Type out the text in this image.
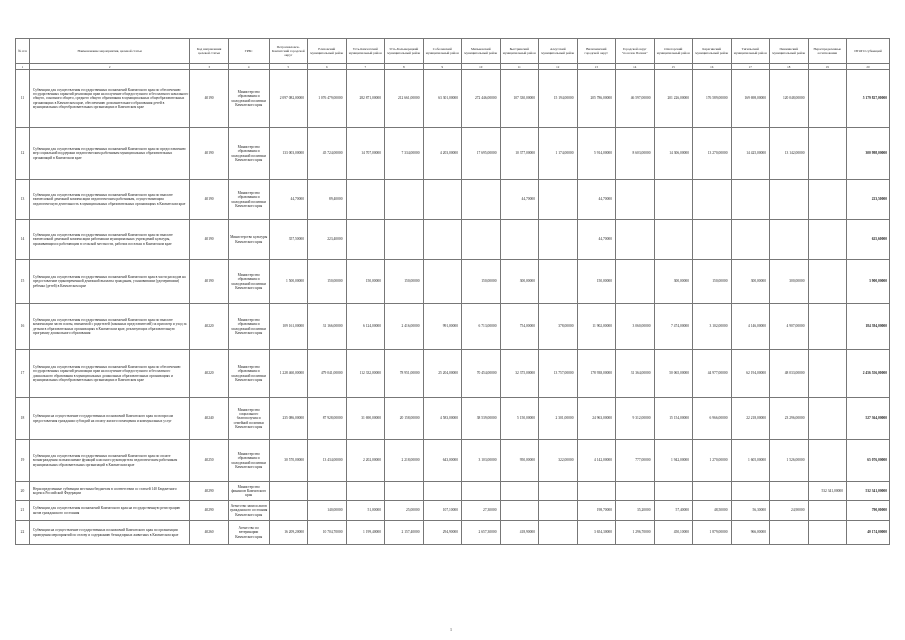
№ п/п	Наименование мероприятия, целевой статьи	Код направления целевой статьи	ГРБС	Петропавловск-Камчатский городской округ	Елизовский муниципальный район	Усть-Камчатский муниципальный район	Усть-Большерецкий муниципальный район	Соболевский муниципальный район	Мильковский муниципальный район	Быстринский муниципальный район	Алеутский муниципальный район	Вилючинский городской округ	Городской округ "поселок Палана"	Олюторский муниципальный район	Карагинский муниципальный район	Тигильский муниципальный район	Пенжинский муниципальный район	Нераспределенные ассигнования	ИТОГО субвенций
1	2	3	4	5	6	7	8	9	10	11	12	13	14	15	16	17	18	19	20
11	Субвенции для осуществления государственных полномочий Камчатского края по обеспечению государственных гарантий реализации прав на получение общедоступного и бесплатного начального общего, основного общего, среднего общего образования в муниципальных общеобразовательных организациях в Камчатском крае, обеспечению дополнительного образования детей в муниципальных общеобразовательных организациях в Камчатском крае	40190	Министерство образования и молодежной политики Камчатского края	2 097 082,00000	1 076 479,00000	282 871,00000	212 661,00000	63 301,00000	272 446,00000	107 330,00000	15 194,00000	205 786,00000	46 597,00000	201 226,00000	176 589,00000	169 698,00000	120 048,00000		5 179 827,00000
12	Субвенции для осуществления государственных полномочий Камчатского края по предоставлению мер социальной поддержки педагогическим работникам муниципальных образовательных организаций в Камчатском крае	40190	Министерство образования и молодежной политики Камчатского края	133 003,00000	45 724,00000	14 707,00000	7 334,00000	4 203,00000	17 695,00000	10 377,00000	1 174,00000	5 914,00000	8 603,00000	14 306,00000	13 270,00000	14 425,00000	13 142,00000		300 998,00000
13	Субвенции для осуществления государственных полномочий Камчатского края по выплате ежемесячной денежной компенсации педагогическим работникам, осуществляющим педагогическую деятельность в муниципальных образовательных организациях в Камчатском крае	40190	Министерство образования и молодежной политики Камчатского края	44,70000	89,40000					44,70000		44,70000							223,50000
14	Субвенции для осуществления государственных полномочий Камчатского края по выплате ежемесячной денежной компенсации работникам муниципальных учреждений культуры, проживающим и работающим в сельской местности, рабочих поселках в Камчатском крае	40190	Министерство культуры Камчатского края	357,50000	223,40000							44,70000							625,60000
15	Субвенции для осуществления государственных полномочий Камчатского края в части расходов на предоставление единовременной денежной выплаты гражданам, усыновившим (удочерившим) ребенка (детей) в Камчатском крае	40190	Министерство образования и молодежной политики Камчатского края	1 500,00000	150,00000	150,00000	150,00000		150,00000	300,00000		150,00000		300,00000	150,00000	300,00000	300,00000		3 900,00000
16	Субвенции для осуществления государственных полномочий Камчатского края по выплате компенсации части платы, взимаемой с родителей (законных представителей) за присмотр и уход за детьми в образовательных организациях в Камчатском крае, реализующих образовательную программу дошкольного образования	40220	Министерство образования и молодежной политики Камчатского края	109 161,00000	31 166,00000	6 124,00000	2 416,00000	991,00000	6 713,00000	754,00000	378,00000	11 902,00000	3 060,00000	7 474,00000	3 102,00000	4 146,00000	4 907,00000		184 394,00000
17	Субвенции для осуществления государственных полномочий Камчатского края по обеспечению государственных гарантий реализации прав на получение общедоступного и бесплатного дошкольного образования в муниципальных дошкольных образовательных организациях и муниципальных общеобразовательных организациях в Камчатском крае	40220	Министерство образования и молодежной политики Камчатского края	1 228 460,00000	479 041,00000	112 332,00000	78 951,00000	25 204,00000	70 454,00000	32 375,00000	13 757,00000	178 938,00000	31 364,00000	50 065,00000	44 977,00000	62 194,00000	48 033,00000		2 456 556,00000
18	Субвенции на осуществление государственных полномочий Камчатского края по вопросам предоставления гражданам субсидий на оплату жилого помещения и коммунальных услуг	40240	Министерство социального благополучия и семейной политики Камчатского края	235 086,00000	87 928,00000	31 690,00000	20 158,00000	4 583,00000	38 539,00000	5 150,00000	2 301,00000	24 963,00000	9 312,00000	15 154,00000	6 966,00000	22 218,00000	23 296,00000		527 364,00000
19	Субвенции для осуществления государственных полномочий Камчатского края по оплате вознаграждения за выполнение функций классного руководителя педагогическим работникам муниципальных образовательных организаций в Камчатском крае	40250	Министерство образования и молодежной политики Камчатского края	30 570,00000	13 434,00000	2 202,00000	2 218,00000	643,00000	3 103,00000	950,00000	322,00000	4 142,00000	777,00000	1 942,00000	1 270,00000	1 605,00000	1 526,00000		65 076,00000
20	Нераспределенные субвенции местным бюджетам в соответствии со статьей 140 Бюджетного кодекса Российской Федерации	40290	Министерство финансов Камчатского края															532 341,00000	532 341,00000
21	Субвенции для осуществления полномочий Камчатского края на государственную регистрацию актов гражданского состояния	40290	Агентство записи актов гражданского состояния Камчатского края		140,00000	51,00000	25,00000	107,10000	27,30000			198,70000	35,20000	57,40000	48,50000	56,30000	24,90000		790,00000
22	Субвенции на осуществление государственных полномочий Камчатского края по организации проведения мероприятий по отлову и содержанию безнадзорных животных в Камчатском крае	40260	Агентство по ветеринарии Камчатского края	16 209,20000	10 704,70000	1 199,40000	2 157,40000	294,90000	2 657,30000	418,90000		3 654,30000	1 296,70000	450,10000	1 879,00000	966,00000			40 174,00000
1
